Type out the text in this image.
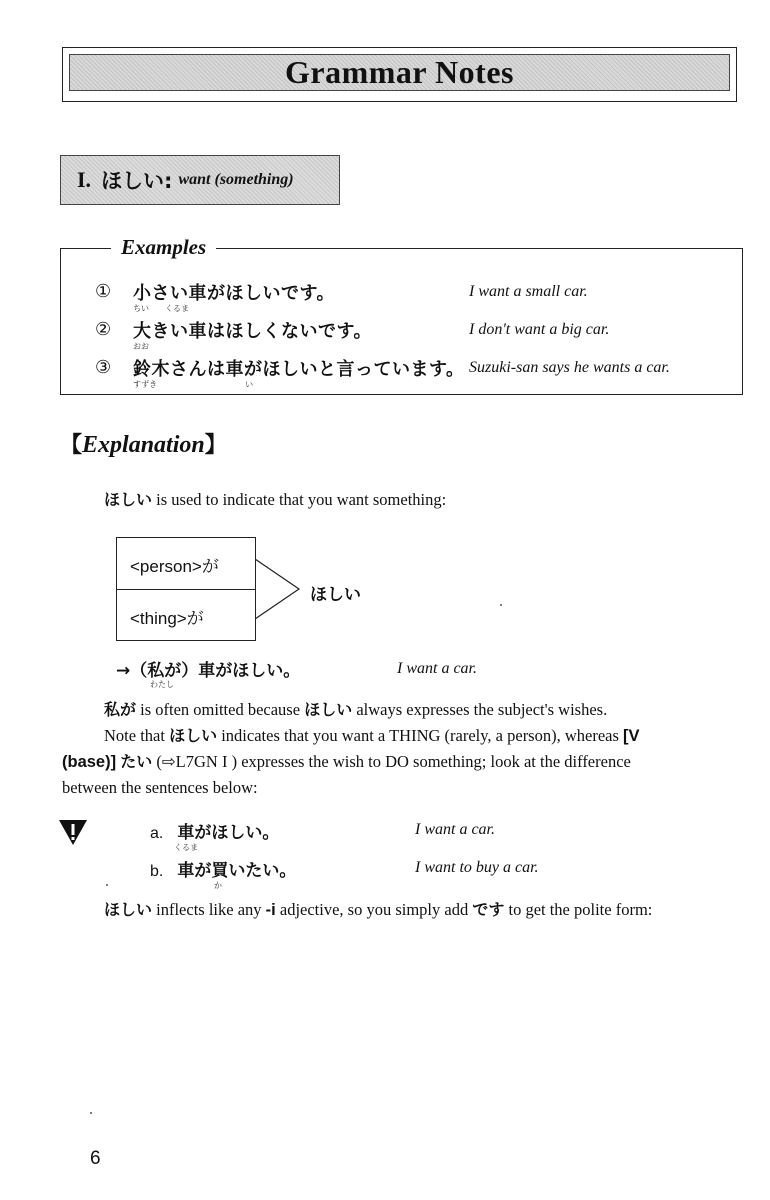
Grammar Notes
I. ほしい: want (something)
Examples
① 小さい車がほしいです。
ちい　　くるま
I want a small car.
② 大きい車はほしくないです。
おお
I don't want a big car.
③ 鈴木さんは車がほしいと言っています。
すずき　　　　　　　　　　　い
Suzuki-san says he wants a car.
【Explanation】
ほしい is used to indicate that you want something:
<person>が
<thing>が
ほしい
→（私が）車がほしい。
わたし
I want a car.
私が is often omitted because ほしい always expresses the subject's wishes.
Note that ほしい indicates that you want a THING (rarely, a person), whereas [V
(base)] たい (⇨L7GN I ) expresses the wish to DO something; look at the difference
between the sentences below:
a. 車がほしい。
くるま
I want a car.
b. 車が買いたい。
か
I want to buy a car.
ほしい inflects like any -i adjective, so you simply add です to get the polite form:
6
